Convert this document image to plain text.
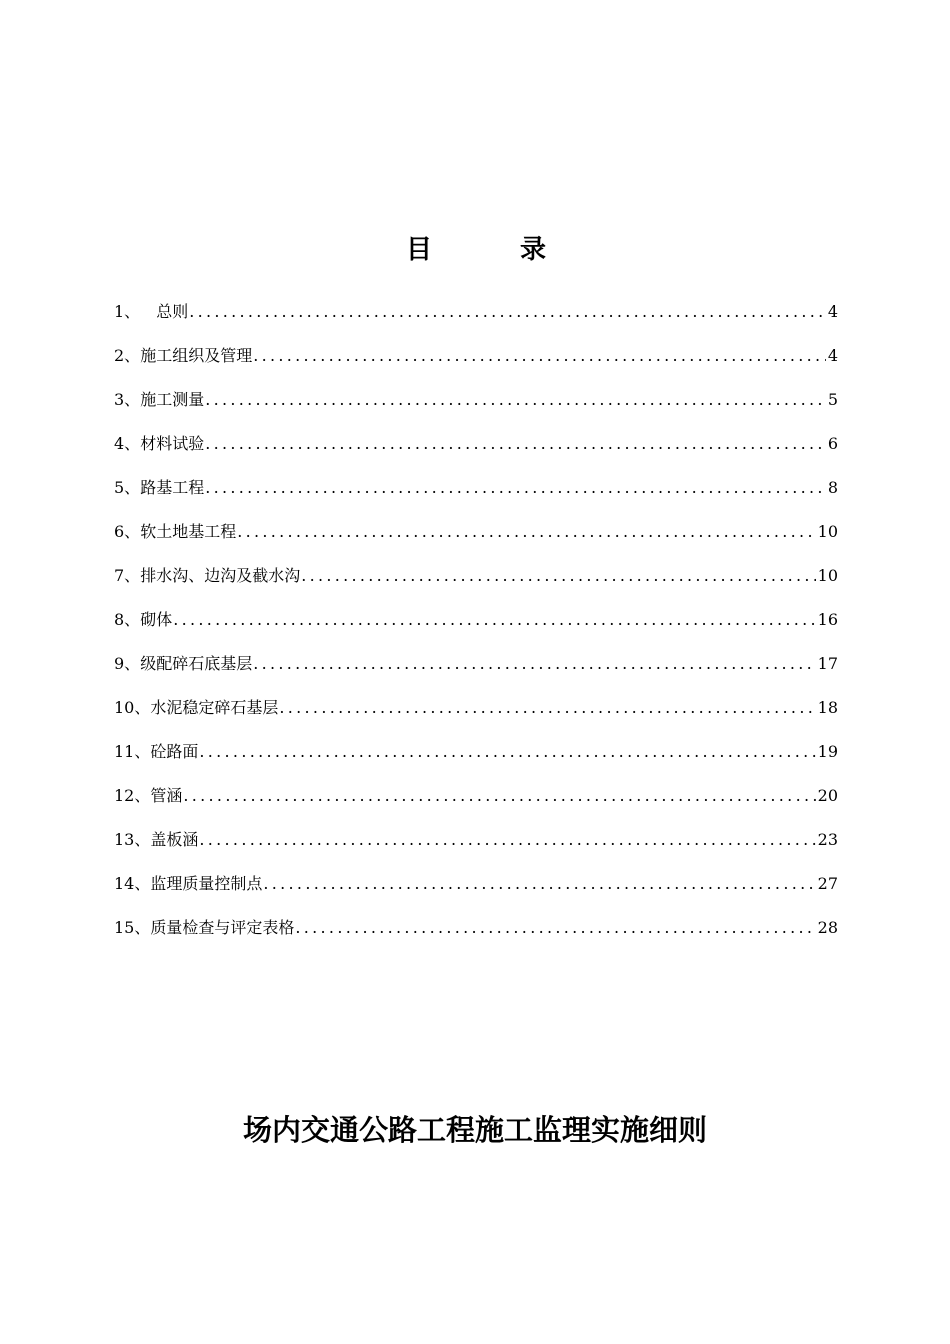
目	录
1、 　总则 .....	4
2、 施工组织及管理 .....	4
3、 施工测量 .....	5
4、 材料试验 .....	6
5、 路基工程 .....	8
6、 软土地基工程 .....	10
7、 排水沟、边沟及截水沟 .....	10
8、 砌体 .....	16
9、 级配碎石底基层 .....	17
10、 水泥稳定碎石基层 .....	18
11、 砼路面 .....	19
12、 管涵 .....	20
13、 盖板涵 .....	23
14、 监理质量控制点 .....	27
15、 质量检查与评定表格 .....	28
场内交通公路工程施工监理实施细则
